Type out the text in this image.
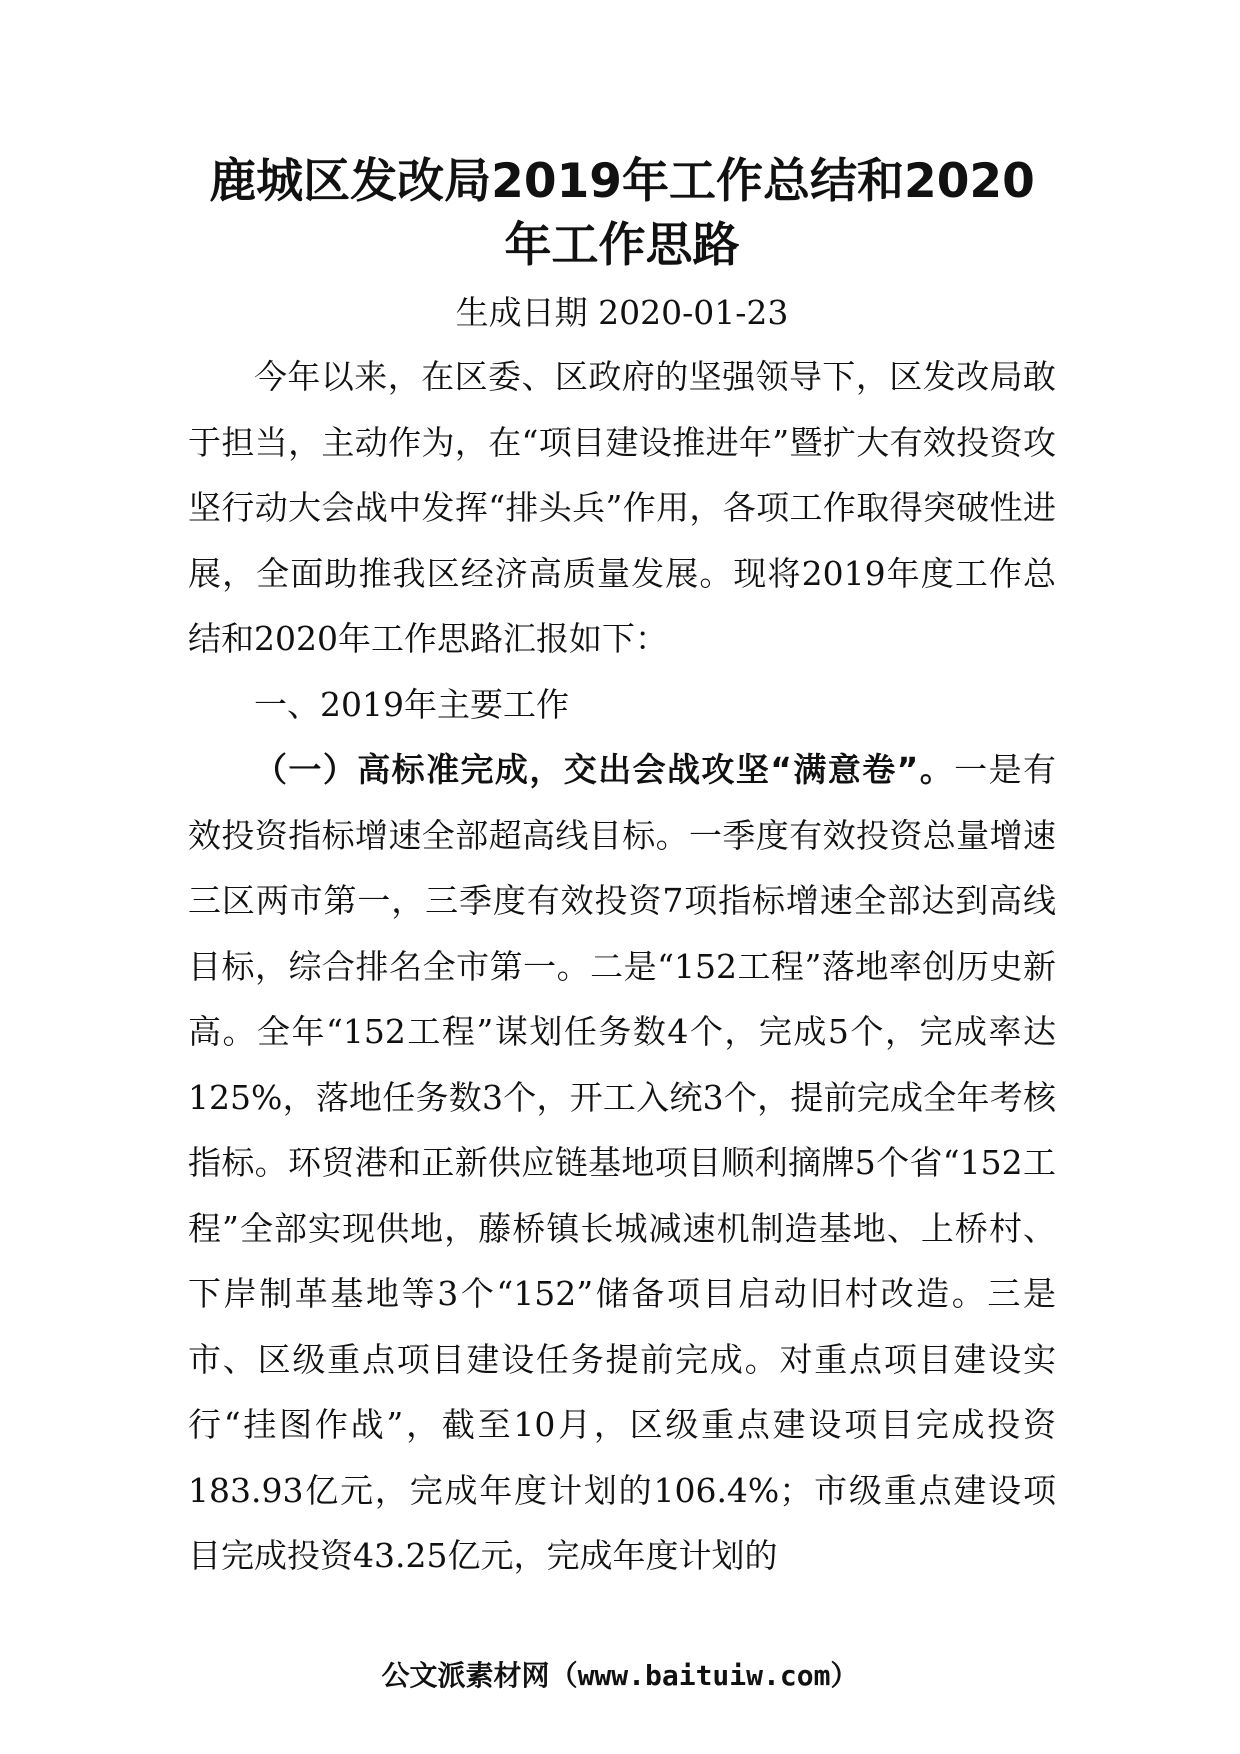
鹿城区发改局2019年工作总结和2020年工作思路
生成日期 2020-01-23

今年以来，在区委、区政府的坚强领导下，区发改局敢于担当，主动作为，在“项目建设推进年”暨扩大有效投资攻坚行动大会战中发挥“排头兵”作用，各项工作取得突破性进展，全面助推我区经济高质量发展。现将2019年度工作总结和2020年工作思路汇报如下：

一、2019年主要工作

（一）高标准完成，交出会战攻坚“满意卷”。一是有效投资指标增速全部超高线目标。一季度有效投资总量增速三区两市第一，三季度有效投资7项指标增速全部达到高线目标，综合排名全市第一。二是“152工程”落地率创历史新高。全年“152工程”谋划任务数4个，完成5个，完成率达125%，落地任务数3个，开工入统3个，提前完成全年考核指标。环贸港和正新供应链基地项目顺利摘牌5个省“152工程”全部实现供地，藤桥镇长城减速机制造基地、上桥村、下岸制革基地等3个“152”储备项目启动旧村改造。三是市、区级重点项目建设任务提前完成。对重点项目建设实行“挂图作战”，截至10月，区级重点建设项目完成投资183.93亿元，完成年度计划的106.4%；市级重点建设项目完成投资43.25亿元，完成年度计划的

公文派素材网（www.baituiw.com）
